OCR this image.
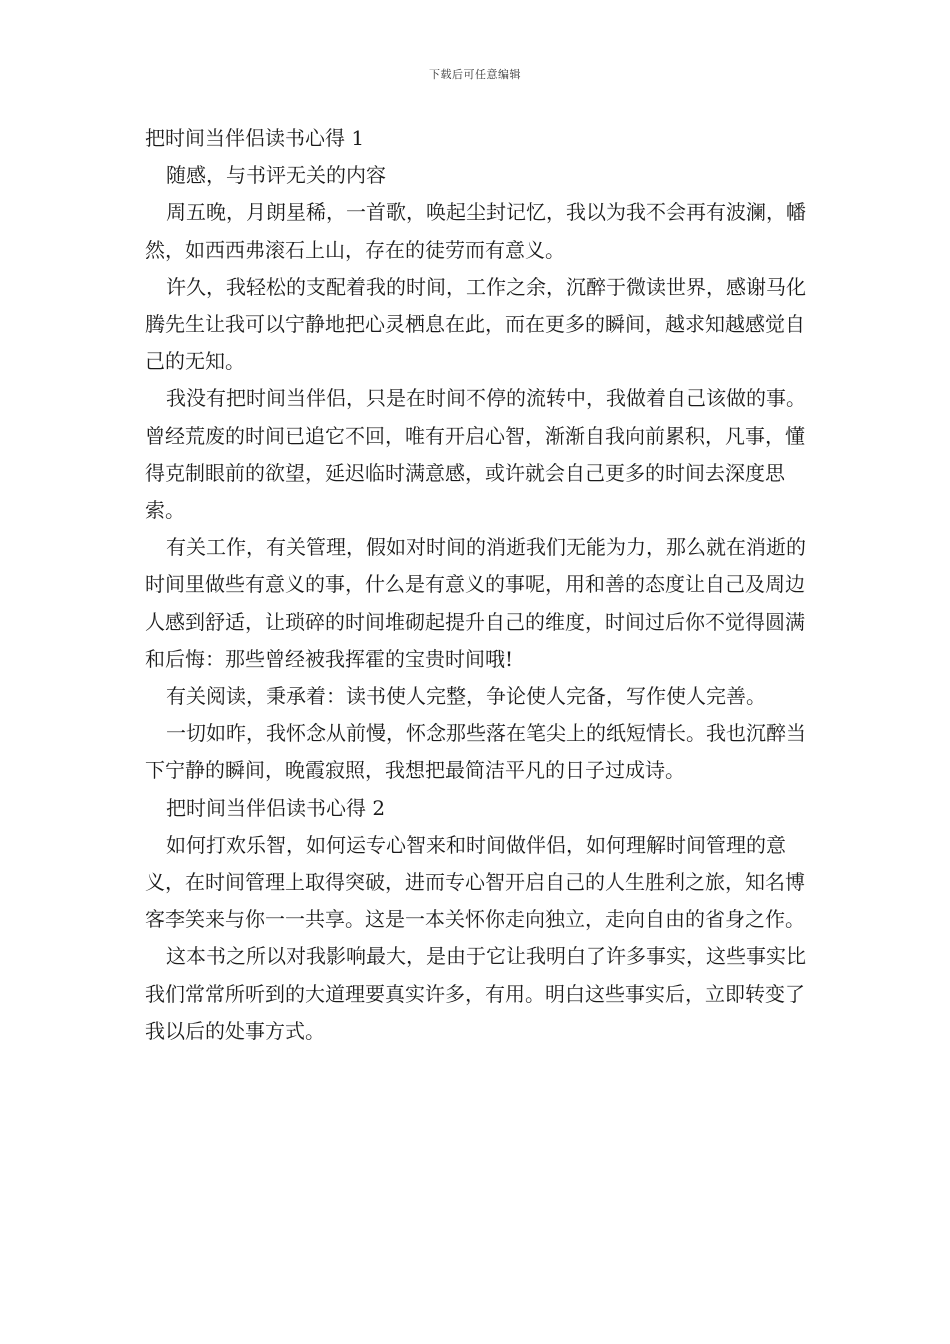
下载后可任意编辑

把时间当伴侣读书心得 1

随感，与书评无关的内容

周五晚，月朗星稀，一首歌，唤起尘封记忆，我以为我不会再有波澜，幡然，如西西弗滚石上山，存在的徒劳而有意义。

许久，我轻松的支配着我的时间，工作之余，沉醉于微读世界，感谢马化腾先生让我可以宁静地把心灵栖息在此，而在更多的瞬间，越求知越感觉自己的无知。

我没有把时间当伴侣，只是在时间不停的流转中，我做着自己该做的事。曾经荒废的时间已追它不回，唯有开启心智，渐渐自我向前累积，凡事，懂得克制眼前的欲望，延迟临时满意感，或许就会自己更多的时间去深度思索。

有关工作，有关管理，假如对时间的消逝我们无能为力，那么就在消逝的时间里做些有意义的事，什么是有意义的事呢，用和善的态度让自己及周边人感到舒适，让琐碎的时间堆砌起提升自己的维度，时间过后你不觉得圆满和后悔：那些曾经被我挥霍的宝贵时间哦!

有关阅读，秉承着：读书使人完整，争论使人完备，写作使人完善。

一切如昨，我怀念从前慢，怀念那些落在笔尖上的纸短情长。我也沉醉当下宁静的瞬间，晚霞寂照，我想把最简洁平凡的日子过成诗。

把时间当伴侣读书心得 2

如何打欢乐智，如何运专心智来和时间做伴侣，如何理解时间管理的意义，在时间管理上取得突破，进而专心智开启自己的人生胜利之旅，知名博客李笑来与你一一共享。这是一本关怀你走向独立，走向自由的省身之作。

这本书之所以对我影响最大，是由于它让我明白了许多事实，这些事实比我们常常所听到的大道理要真实许多，有用。明白这些事实后，立即转变了我以后的处事方式。
